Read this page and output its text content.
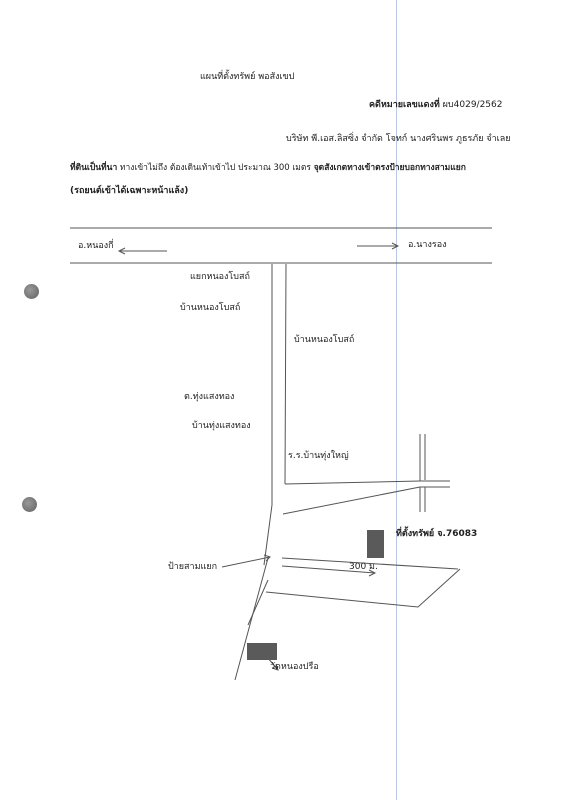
แผนที่ตั้งทรัพย์ พอสังเขป
คดีหมายเลขแดงที่ ผบ4029/2562
บริษัท พี.เอส.ลิสซิ่ง จำกัด โจทก์ นางศรินพร ภูธรภัย จำเลย
ที่ดินเป็นที่นา ทางเข้าไม่ถึง ต้องเดินเท้าเข้าไป ประมาณ 300 เมตร จุดสังเกตทางเข้าตรงป้ายบอกทางสามแยก
(รถยนต์เข้าได้เฉพาะหน้าแล้ง)
อ.หนองกี่	อ.นางรอง
แยกหนองโบสถ์
บ้านหนองโบสถ์
บ้านหนองโบสถ์
ต.ทุ่งแสงทอง
บ้านทุ่งแสงทอง
ร.ร.บ้านทุ่งใหญ่
ที่ตั้งทรัพย์ จ.76083
ป้ายสามแยก	300 ม.
วัดหนองปรือ
